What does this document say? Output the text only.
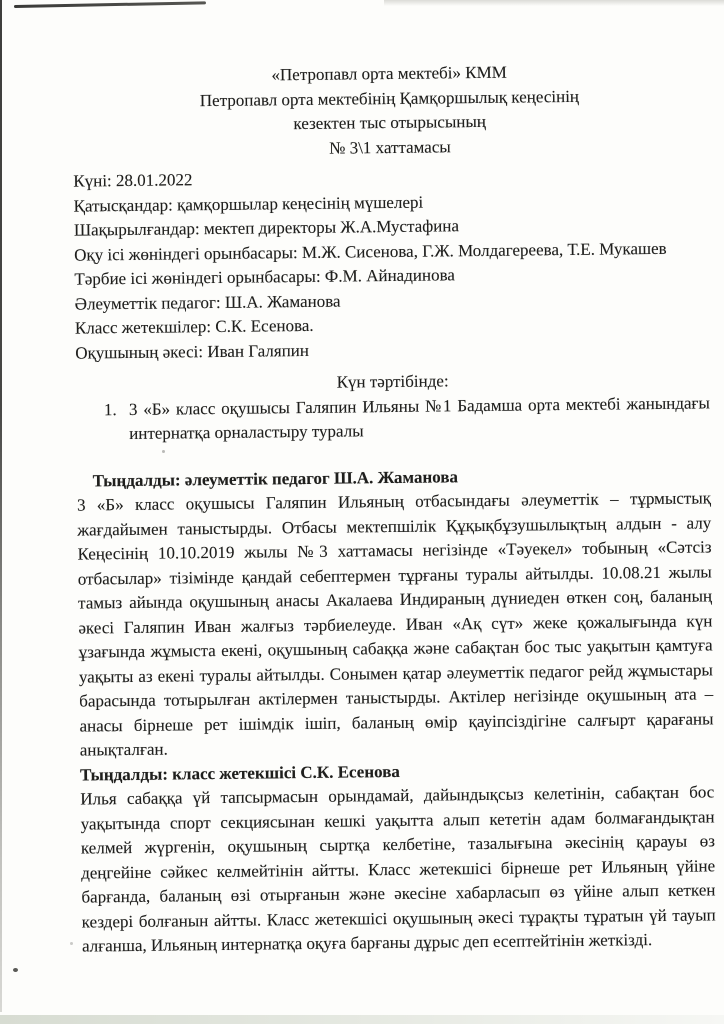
«Петропавл орта мектебі» КММ
Петропавл орта мектебінің Қамқоршылық кеңесінің
кезектен тыс отырысының
№ 3\1 хаттамасы
Күні: 28.01.2022
Қатысқандар: қамқоршылар кеңесінің мүшелері
Шақырылғандар: мектеп директоры Ж.А.Мустафина
Оқу ісі жөніндегі орынбасары: М.Ж. Сисенова, Г.Ж. Молдагереева, Т.Е. Мукашев
Тәрбие ісі жөніндегі орынбасары: Ф.М. Айнадинова
Әлеуметтік педагог: Ш.А. Жаманова
Класс жетекшілер: С.К. Есенова.
Оқушының әкесі: Иван Галяпин
Күн тәртібінде:
1. 3 «Б» класс оқушысы Галяпин Ильяны №1 Бадамша орта мектебі жанындағы интернатқа орналастыру туралы
Тыңдалды: әлеуметтік педагог Ш.А. Жаманова
3 «Б» класс оқушысы Галяпин Ильяның отбасындағы әлеуметтік – тұрмыстық жағдайымен таныстырды. Отбасы мектепшілік Құқықбұзушылықтың алдын - алу Кеңесінің 10.10.2019 жылы №3 хаттамасы негізінде «Тәуекел» тобының «Сәтсіз отбасылар» тізімінде қандай себептермен тұрғаны туралы айтылды. 10.08.21 жылы тамыз айында оқушының анасы Акалаева Индираның дүниеден өткен соң, баланың әкесі Галяпин Иван жалғыз тәрбиелеуде. Иван «Ақ сүт» жеке қожалығында күн ұзағында жұмыста екені, оқушының сабаққа және сабақтан бос тыс уақытын қамтуға уақыты аз екені туралы айтылды. Сонымен қатар әлеуметтік педагог рейд жұмыстары барасында тотырылған актілермен таныстырды. Актілер негізінде оқушының ата – анасы бірнеше рет ішімдік ішіп, баланың өмір қауіпсіздігіне салғырт қарағаны анықталған.
Тыңдалды: класс жетекшісі С.К. Есенова
Илья сабаққа үй тапсырмасын орындамай, дайындықсыз келетінін, сабақтан бос уақытында спорт секциясынан кешкі уақытта алып кететін адам болмағандықтан келмей жүргенін, оқушының сыртқа келбетіне, тазалығына әкесінің қарауы өз деңгейіне сәйкес келмейтінін айтты. Класс жетекшісі бірнеше рет Ильяның үйіне барғанда, баланың өзі отырғанын және әкесіне хабарласып өз үйіне алып кеткен кездері болғанын айтты. Класс жетекшісі оқушының әкесі тұрақты тұратын үй тауып алғанша, Ильяның интернатқа оқуға барғаны дұрыс деп есептейтінін жеткізді.
